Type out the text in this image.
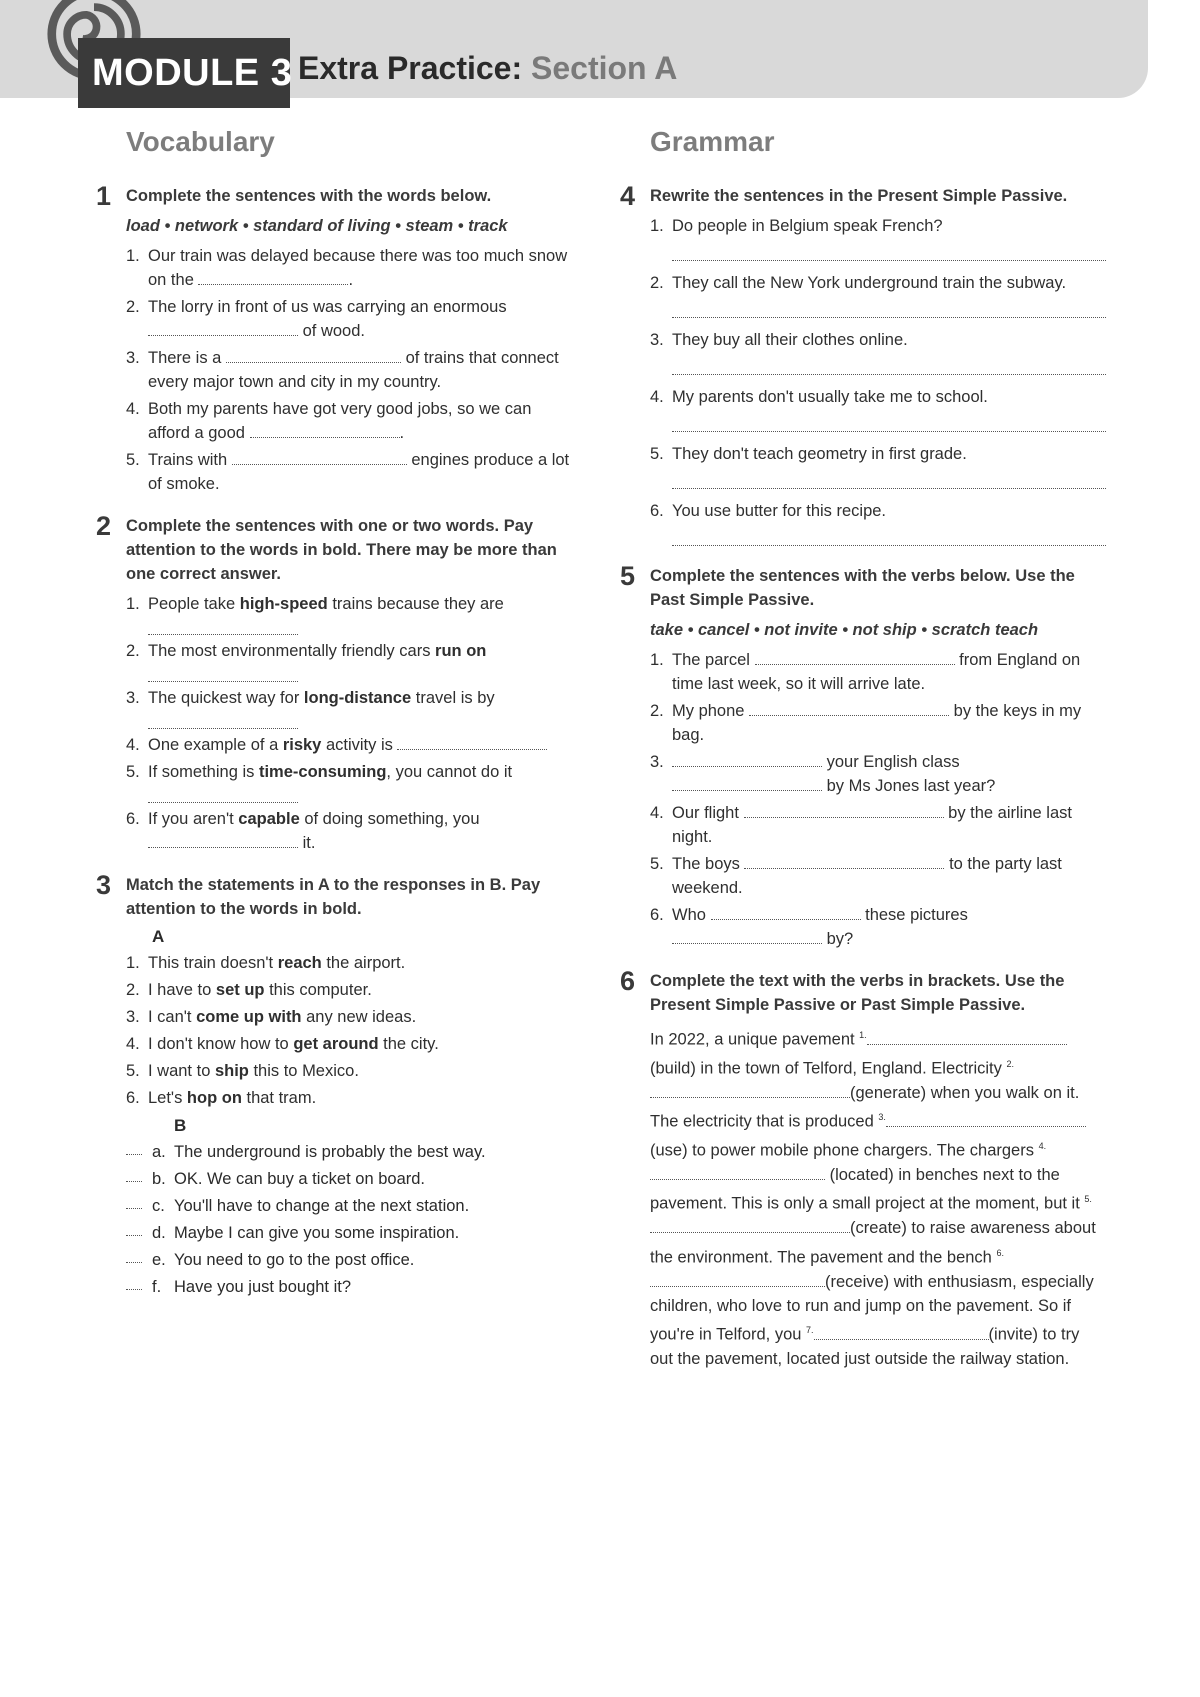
MODULE 3 Extra Practice: Section A
Vocabulary
1 Complete the sentences with the words below.
load • network • standard of living • steam • track
1. Our train was delayed because there was too much snow on the	.
2. The lorry in front of us was carrying an enormous  of wood.
3. There is a	of trains that connect every major town and city in my country.
4. Both my parents have got very good jobs, so we can afford a good	.
5. Trains with	engines produce a lot of smoke.
2 Complete the sentences with one or two words. Pay attention to the words in bold. There may be more than one correct answer.
1. People take high-speed trains because they are
2. The most environmentally friendly cars run on
3. The quickest way for long-distance travel is by
4. One example of a risky activity is
5. If something is time-consuming, you cannot do it
6. If you aren't capable of doing something, you
it.
3 Match the statements in A to the responses in B. Pay attention to the words in bold.
A
1. This train doesn't reach the airport.
2. I have to set up this computer.
3. I can't come up with any new ideas.
4. I don't know how to get around the city.
5. I want to ship this to Mexico.
6. Let's hop on that tram.
B
a. The underground is probably the best way.
b. OK. We can buy a ticket on board.
c. You'll have to change at the next station.
d. Maybe I can give you some inspiration.
e. You need to go to the post office.
f. Have you just bought it?
Grammar
4 Rewrite the sentences in the Present Simple Passive.
1. Do people in Belgium speak French?
2. They call the New York underground train the subway.
3. They buy all their clothes online.
4. My parents don't usually take me to school.
5. They don't teach geometry in first grade.
6. You use butter for this recipe.
5 Complete the sentences with the verbs below. Use the Past Simple Passive.
take • cancel • not invite • not ship • scratch teach
1. The parcel	from England on time last week, so it will arrive late.
2. My phone	by the keys in my bag.
3.	your English class
by Ms Jones last year?
4. Our flight	by the airline last night.
5. The boys	to the party last weekend.
6. Who	these pictures
by?
6 Complete the text with the verbs in brackets. Use the Present Simple Passive or Past Simple Passive.
In 2022, a unique pavement $^{1.}$ (build) in the town of Telford, England. Electricity $^{2.}$(generate) when you walk on it. The electricity that is produced $^{3.}$(use) to power mobile phone chargers. The chargers $^{4.}$ (located) in benches next to the pavement. This is only a small project at the moment, but it $^{5.}$(create) to raise awareness about the environment. The pavement and the bench $^{6.}$(receive) with enthusiasm, especially children, who love to run and jump on the pavement. So if you're in Telford, you $^{7.}$	(invite) to try out the pavement, located just outside the railway station.
